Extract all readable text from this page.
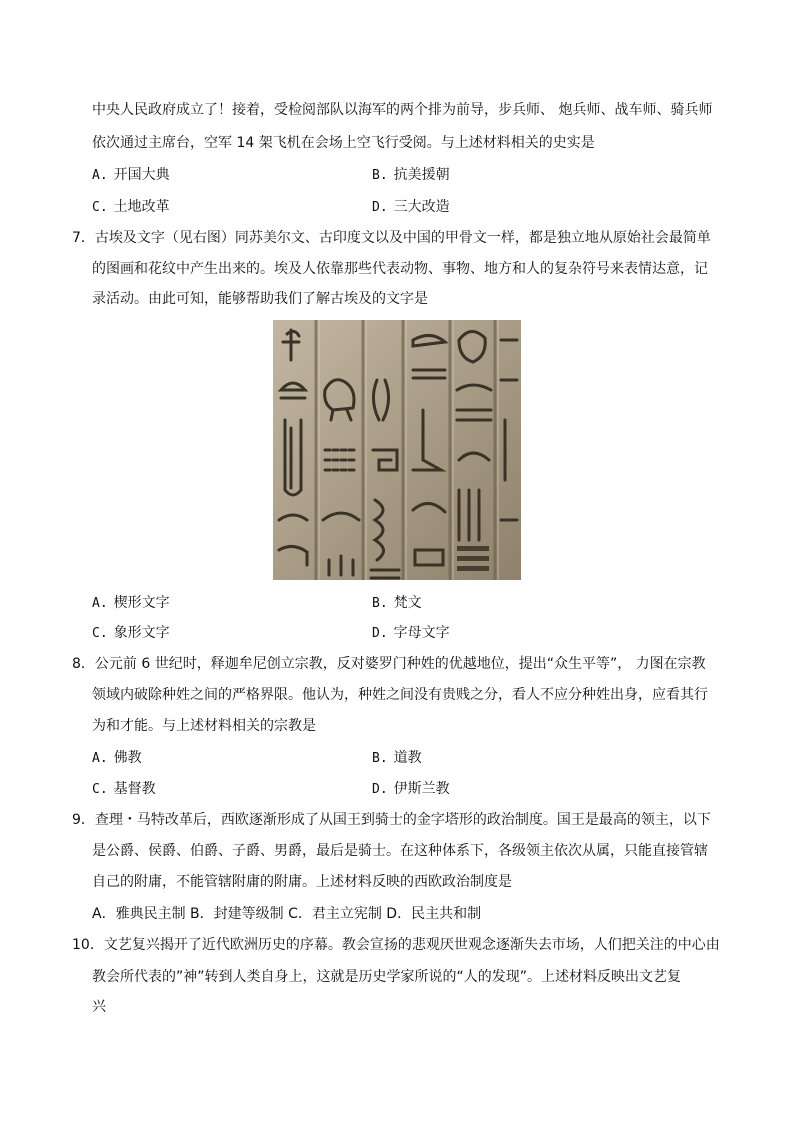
中央人民政府成立了！接着，受检阅部队以海军的两个排为前导，步兵师、 炮兵师、战车师、骑兵师
依次通过主席台，空军 14 架飞机在会场上空飞行受阅。与上述材料相关的史实是
A. 开国大典	B. 抗美援朝
C. 土地改革	D. 三大改造
7．古埃及文字（见右图）同苏美尔文、古印度文以及中国的甲骨文一样，都是独立地从原始社会最简单
的图画和花纹中产生出来的。埃及人依靠那些代表动物、事物、地方和人的复杂符号来表情达意，记
录活动。由此可知，能够帮助我们了解古埃及的文字是
A. 楔形文字	B. 梵文
C. 象形文字	D. 字母文字
8．公元前 6 世纪时，释迦牟尼创立宗教，反对婆罗门种姓的优越地位，提出“众生平等”， 力图在宗教
领域内破除种姓之间的严格界限。他认为，种姓之间没有贵贱之分，看人不应分种姓出身，应看其行
为和才能。与上述材料相关的宗教是
A. 佛教	B. 道教
C. 基督教	D. 伊斯兰教
9．查理・马特改革后，西欧逐渐形成了从国王到骑士的金字塔形的政治制度。国王是最高的领主，以下
是公爵、侯爵、伯爵、子爵、男爵，最后是骑士。在这种体系下，各级领主依次从属，只能直接管辖
自己的附庸，不能管辖附庸的附庸。上述材料反映的西欧政治制度是
A．雅典民主制 B．封建等级制 C．君主立宪制 D．民主共和制
10．文艺复兴揭开了近代欧洲历史的序幕。教会宣扬的悲观厌世观念逐渐失去市场，人们把关注的中心由
教会所代表的”神”转到人类自身上，这就是历史学家所说的“人的发现”。上述材料反映出文艺复
兴
